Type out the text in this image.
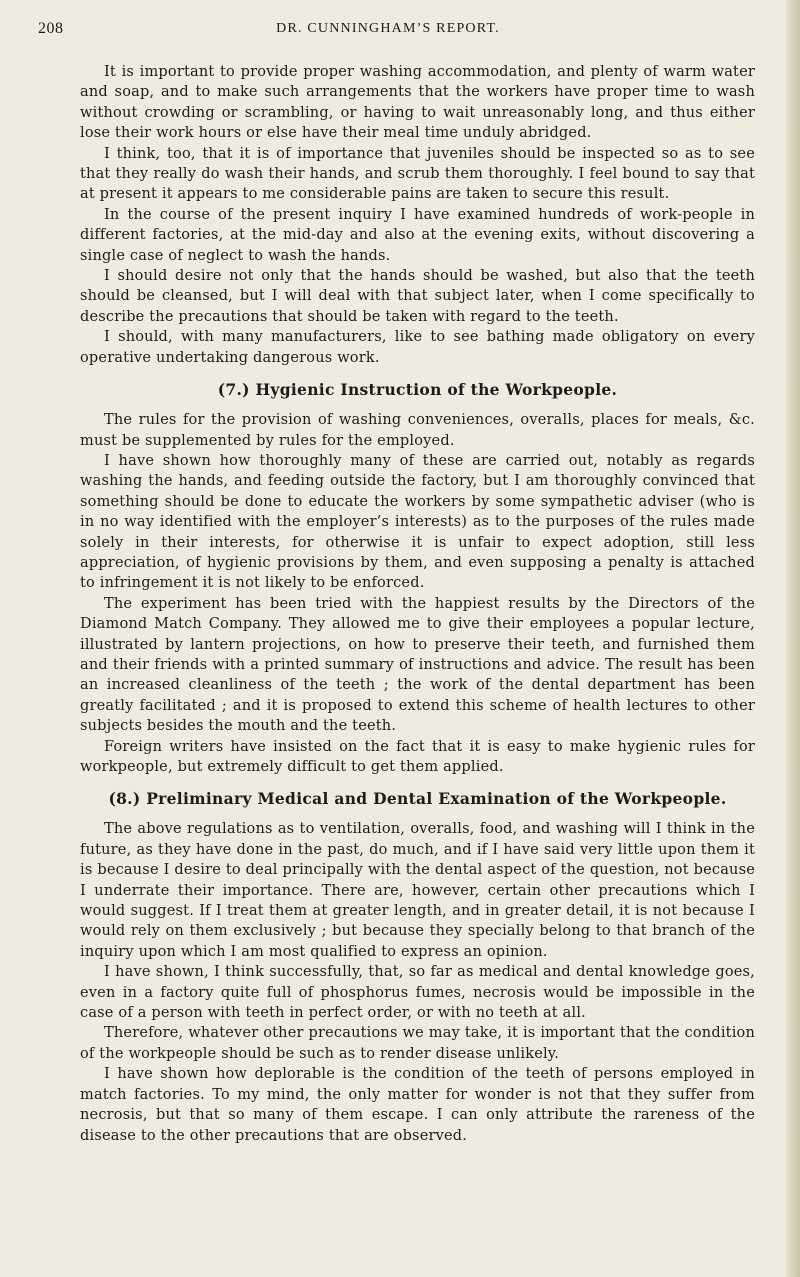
208	DR. CUNNINGHAM’S REPORT.

It is important to provide proper washing accommodation, and plenty of warm water and soap, and to make such arrangements that the workers have proper time to wash without crowding or scrambling, or having to wait unreasonably long, and thus either lose their work hours or else have their meal time unduly abridged.

I think, too, that it is of importance that juveniles should be inspected so as to see that they really do wash their hands, and scrub them thoroughly. I feel bound to say that at present it appears to me considerable pains are taken to secure this result.

In the course of the present inquiry I have examined hundreds of work-people in different factories, at the mid-day and also at the evening exits, without discovering a single case of neglect to wash the hands.

I should desire not only that the hands should be washed, but also that the teeth should be cleansed, but I will deal with that subject later, when I come specifically to describe the precautions that should be taken with regard to the teeth.

I should, with many manufacturers, like to see bathing made obligatory on every operative undertaking dangerous work.

(7.) Hygienic Instruction of the Workpeople.

The rules for the provision of washing conveniences, overalls, places for meals, &c. must be supplemented by rules for the employed.

I have shown how thoroughly many of these are carried out, notably as regards washing the hands, and feeding outside the factory, but I am thoroughly convinced that something should be done to educate the workers by some sympathetic adviser (who is in no way identified with the employer’s interests) as to the purposes of the rules made solely in their interests, for otherwise it is unfair to expect adoption, still less appreciation, of hygienic provisions by them, and even supposing a penalty is attached to infringement it is not likely to be enforced.

The experiment has been tried with the happiest results by the Directors of the Diamond Match Company. They allowed me to give their employees a popular lecture, illustrated by lantern projections, on how to preserve their teeth, and furnished them and their friends with a printed summary of instructions and advice. The result has been an increased cleanliness of the teeth ; the work of the dental department has been greatly facilitated ; and it is proposed to extend this scheme of health lectures to other subjects besides the mouth and the teeth.

Foreign writers have insisted on the fact that it is easy to make hygienic rules for workpeople, but extremely difficult to get them applied.

(8.) Preliminary Medical and Dental Examination of the Workpeople.

The above regulations as to ventilation, overalls, food, and washing will I think in the future, as they have done in the past, do much, and if I have said very little upon them it is because I desire to deal principally with the dental aspect of the question, not because I underrate their importance. There are, however, certain other precautions which I would suggest. If I treat them at greater length, and in greater detail, it is not because I would rely on them exclusively ; but because they specially belong to that branch of the inquiry upon which I am most qualified to express an opinion.

I have shown, I think successfully, that, so far as medical and dental knowledge goes, even in a factory quite full of phosphorus fumes, necrosis would be impossible in the case of a person with teeth in perfect order, or with no teeth at all.

Therefore, whatever other precautions we may take, it is important that the condition of the workpeople should be such as to render disease unlikely.

I have shown how deplorable is the condition of the teeth of persons employed in match factories. To my mind, the only matter for wonder is not that they suffer from necrosis, but that so many of them escape. I can only attribute the rareness of the disease to the other precautions that are observed.
